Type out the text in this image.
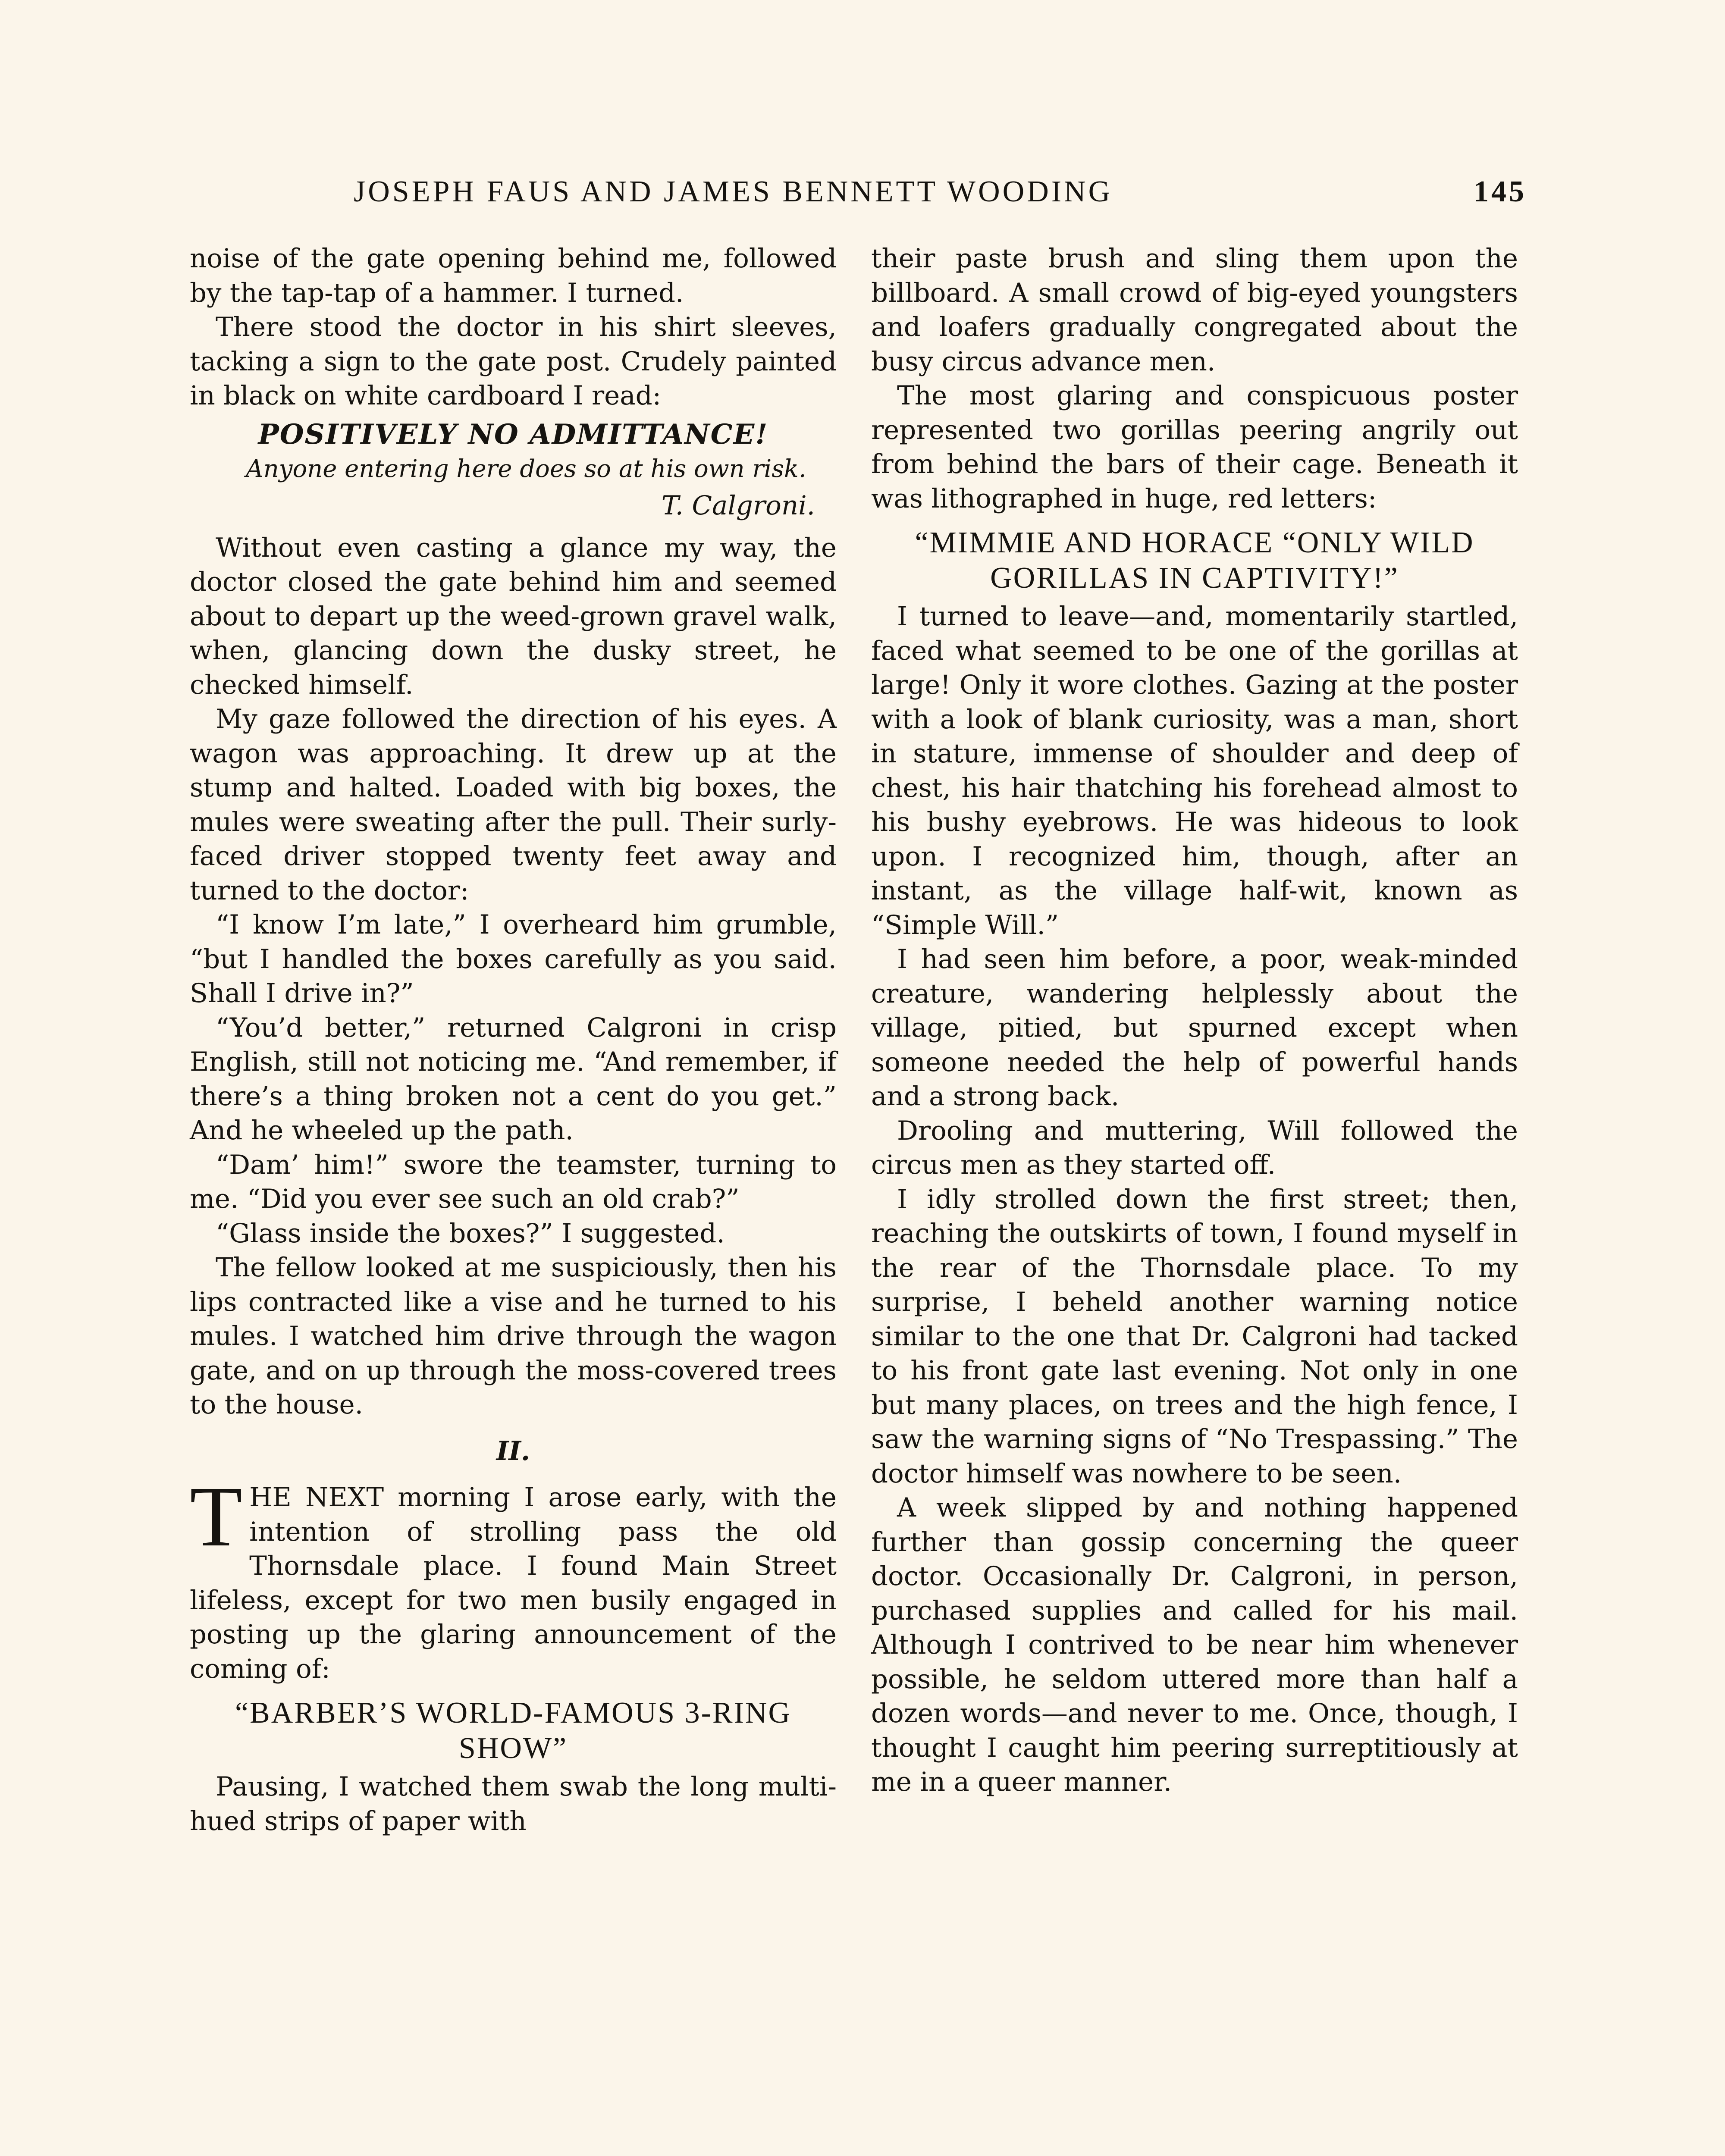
JOSEPH FAUS AND JAMES BENNETT WOODING	145

noise of the gate opening behind me, followed by the tap-tap of a hammer. I turned.

There stood the doctor in his shirt sleeves, tacking a sign to the gate post. Crudely painted in black on white cardboard I read:

POSITIVELY NO ADMITTANCE!

Anyone entering here does so at his own risk.

T. Calgroni.

Without even casting a glance my way, the doctor closed the gate behind him and seemed about to depart up the weed-grown gravel walk, when, glancing down the dusky street, he checked himself.

My gaze followed the direction of his eyes. A wagon was approaching. It drew up at the stump and halted. Loaded with big boxes, the mules were sweating after the pull. Their surly-faced driver stopped twenty feet away and turned to the doctor:

“I know I’m late,” I overheard him grumble, “but I handled the boxes carefully as you said. Shall I drive in?”

“You’d better,” returned Calgroni in crisp English, still not noticing me. “And remember, if there’s a thing broken not a cent do you get.” And he wheeled up the path.

“Dam’ him!” swore the teamster, turning to me. “Did you ever see such an old crab?”

“Glass inside the boxes?” I suggested.

The fellow looked at me suspiciously, then his lips contracted like a vise and he turned to his mules. I watched him drive through the wagon gate, and on up through the moss-covered trees to the house.

II.
T HE NEXT morning I arose early, with the intention of strolling pass the old Thornsdale place. I found Main Street lifeless, except for two men busily engaged in posting up the glaring announcement of the coming of:

“BARBER’S WORLD-FAMOUS 3-RING SHOW”

Pausing, I watched them swab the long multi-hued strips of paper with

their paste brush and sling them upon the billboard. A small crowd of big-eyed youngsters and loafers gradually congregated about the busy circus advance men.

The most glaring and conspicuous poster represented two gorillas peering angrily out from behind the bars of their cage. Beneath it was lithographed in huge, red letters:

“MIMMIE AND HORACE “ONLY WILD GORILLAS IN CAPTIVITY!”

I turned to leave—and, momentarily startled, faced what seemed to be one of the gorillas at large! Only it wore clothes. Gazing at the poster with a look of blank curiosity, was a man, short in stature, immense of shoulder and deep of chest, his hair thatching his forehead almost to his bushy eyebrows. He was hideous to look upon. I recognized him, though, after an instant, as the village half-wit, known as “Simple Will.”

I had seen him before, a poor, weak-minded creature, wandering helplessly about the village, pitied, but spurned except when someone needed the help of powerful hands and a strong back.

Drooling and muttering, Will followed the circus men as they started off.

I idly strolled down the first street; then, reaching the outskirts of town, I found myself in the rear of the Thornsdale place. To my surprise, I beheld another warning notice similar to the one that Dr. Calgroni had tacked to his front gate last evening. Not only in one but many places, on trees and the high fence, I saw the warning signs of “No Trespassing.” The doctor himself was nowhere to be seen.

A week slipped by and nothing happened further than gossip concerning the queer doctor. Occasionally Dr. Calgroni, in person, purchased supplies and called for his mail. Although I contrived to be near him whenever possible, he seldom uttered more than half a dozen words—and never to me. Once, though, I thought I caught him peering surreptitiously at me in a queer manner.
